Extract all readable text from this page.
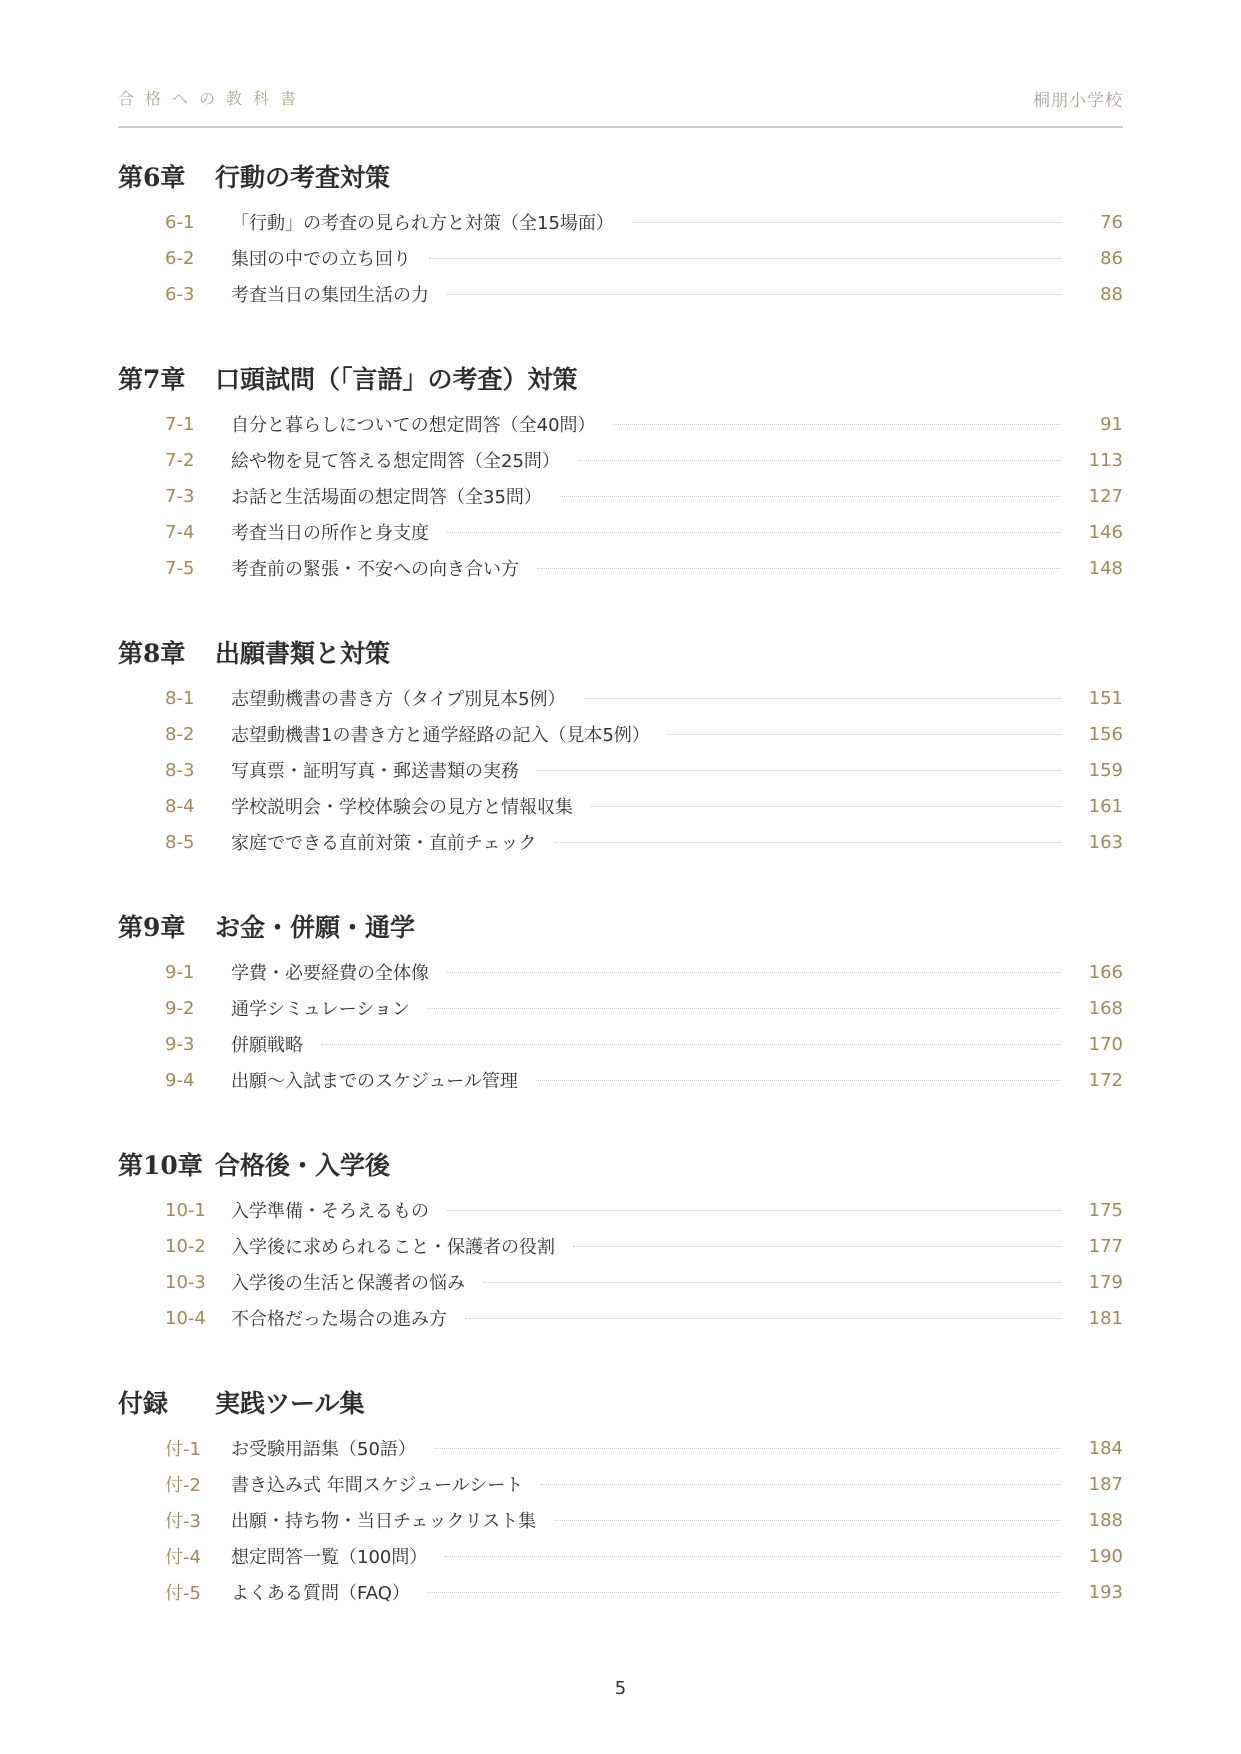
合格への教科書	桐朋小学校
第6章	行動の考査対策
6-1	「行動」の考査の見られ方と対策（全15場面）	76
6-2	集団の中での立ち回り	86
6-3	考査当日の集団生活の力	88
第7章	口頭試問（「言語」の考査）対策
7-1	自分と暮らしについての想定問答（全40問）	91
7-2	絵や物を見て答える想定問答（全25問）	113
7-3	お話と生活場面の想定問答（全35問）	127
7-4	考査当日の所作と身支度	146
7-5	考査前の緊張・不安への向き合い方	148
第8章	出願書類と対策
8-1	志望動機書の書き方（タイプ別見本5例）	151
8-2	志望動機書1の書き方と通学経路の記入（見本5例）	156
8-3	写真票・証明写真・郵送書類の実務	159
8-4	学校説明会・学校体験会の見方と情報収集	161
8-5	家庭でできる直前対策・直前チェック	163
第9章	お金・併願・通学
9-1	学費・必要経費の全体像	166
9-2	通学シミュレーション	168
9-3	併願戦略	170
9-4	出願〜入試までのスケジュール管理	172
第10章 合格後・入学後
10-1	入学準備・そろえるもの	175
10-2	入学後に求められること・保護者の役割	177
10-3	入学後の生活と保護者の悩み	179
10-4	不合格だった場合の進み方	181
付録	実践ツール集
付-1	お受験用語集（50語）	184
付-2	書き込み式 年間スケジュールシート	187
付-3	出願・持ち物・当日チェックリスト集	188
付-4	想定問答一覧（100問）	190
付-5	よくある質問（FAQ）	193
5
